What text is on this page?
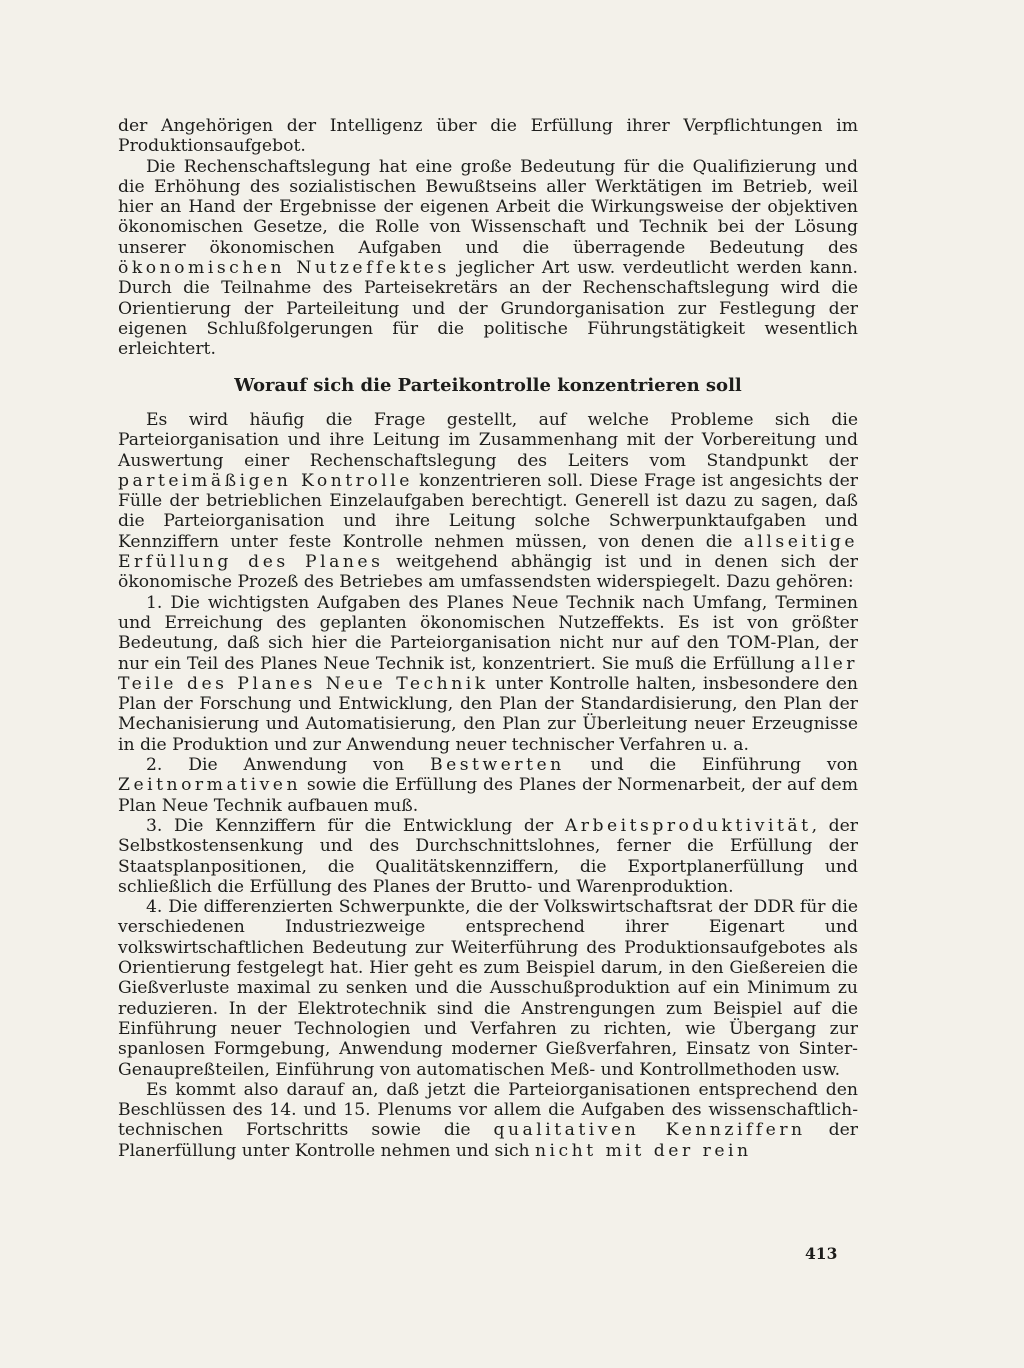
der Angehörigen der Intelligenz über die Erfüllung ihrer Verpflichtungen im Produktionsaufgebot.

Die Rechenschaftslegung hat eine große Bedeutung für die Qualifizierung und die Erhöhung des sozialistischen Bewußtseins aller Werktätigen im Betrieb, weil hier an Hand der Ergebnisse der eigenen Arbeit die Wirkungsweise der objektiven ökonomischen Gesetze, die Rolle von Wissenschaft und Technik bei der Lösung unserer ökonomischen Aufgaben und die überragende Bedeutung des ökonomischen Nutzeffektes jeglicher Art usw. verdeutlicht werden kann. Durch die Teilnahme des Parteisekretärs an der Rechenschaftslegung wird die Orientierung der Parteileitung und der Grundorganisation zur Festlegung der eigenen Schlußfolgerungen für die politische Führungstätigkeit wesentlich erleichtert.

Worauf sich die Parteikontrolle konzentrieren soll

Es wird häufig die Frage gestellt, auf welche Probleme sich die Parteiorganisation und ihre Leitung im Zusammenhang mit der Vorbereitung und Auswertung einer Rechenschaftslegung des Leiters vom Standpunkt der parteimäßigen Kontrolle konzentrieren soll. Diese Frage ist angesichts der Fülle der betrieblichen Einzelaufgaben berechtigt. Generell ist dazu zu sagen, daß die Parteiorganisation und ihre Leitung solche Schwerpunktaufgaben und Kennziffern unter feste Kontrolle nehmen müssen, von denen die allseitige Erfüllung des Planes weitgehend abhängig ist und in denen sich der ökonomische Prozeß des Betriebes am umfassendsten widerspiegelt. Dazu gehören:

1. Die wichtigsten Aufgaben des Planes Neue Technik nach Umfang, Terminen und Erreichung des geplanten ökonomischen Nutzeffekts. Es ist von größter Bedeutung, daß sich hier die Parteiorganisation nicht nur auf den TOM-Plan, der nur ein Teil des Planes Neue Technik ist, konzentriert. Sie muß die Erfüllung aller Teile des Planes Neue Technik unter Kontrolle halten, insbesondere den Plan der Forschung und Entwicklung, den Plan der Standardisierung, den Plan der Mechanisierung und Automatisierung, den Plan zur Überleitung neuer Erzeugnisse in die Produktion und zur Anwendung neuer technischer Verfahren u. a.

2. Die Anwendung von Bestwerten und die Einführung von Zeitnormativen sowie die Erfüllung des Planes der Normenarbeit, der auf dem Plan Neue Technik aufbauen muß.

3. Die Kennziffern für die Entwicklung der Arbeitsproduktivität, der Selbstkostensenkung und des Durchschnittslohnes, ferner die Erfüllung der Staatsplanpositionen, die Qualitätskennziffern, die Exportplanerfüllung und schließlich die Erfüllung des Planes der Brutto- und Warenproduktion.

4. Die differenzierten Schwerpunkte, die der Volkswirtschaftsrat der DDR für die verschiedenen Industriezweige entsprechend ihrer Eigenart und volkswirtschaftlichen Bedeutung zur Weiterführung des Produktionsaufgebotes als Orientierung festgelegt hat. Hier geht es zum Beispiel darum, in den Gießereien die Gießverluste maximal zu senken und die Ausschußproduktion auf ein Minimum zu reduzieren. In der Elektrotechnik sind die Anstrengungen zum Beispiel auf die Einführung neuer Technologien und Verfahren zu richten, wie Übergang zur spanlosen Formgebung, Anwendung moderner Gießverfahren, Einsatz von Sinter-Genaupreßteilen, Einführung von automatischen Meß- und Kontrollmethoden usw.

Es kommt also darauf an, daß jetzt die Parteiorganisationen entsprechend den Beschlüssen des 14. und 15. Plenums vor allem die Aufgaben des wissenschaftlich-technischen Fortschritts sowie die qualitativen Kennziffern der Planerfüllung unter Kontrolle nehmen und sich nicht mit der rein

413
